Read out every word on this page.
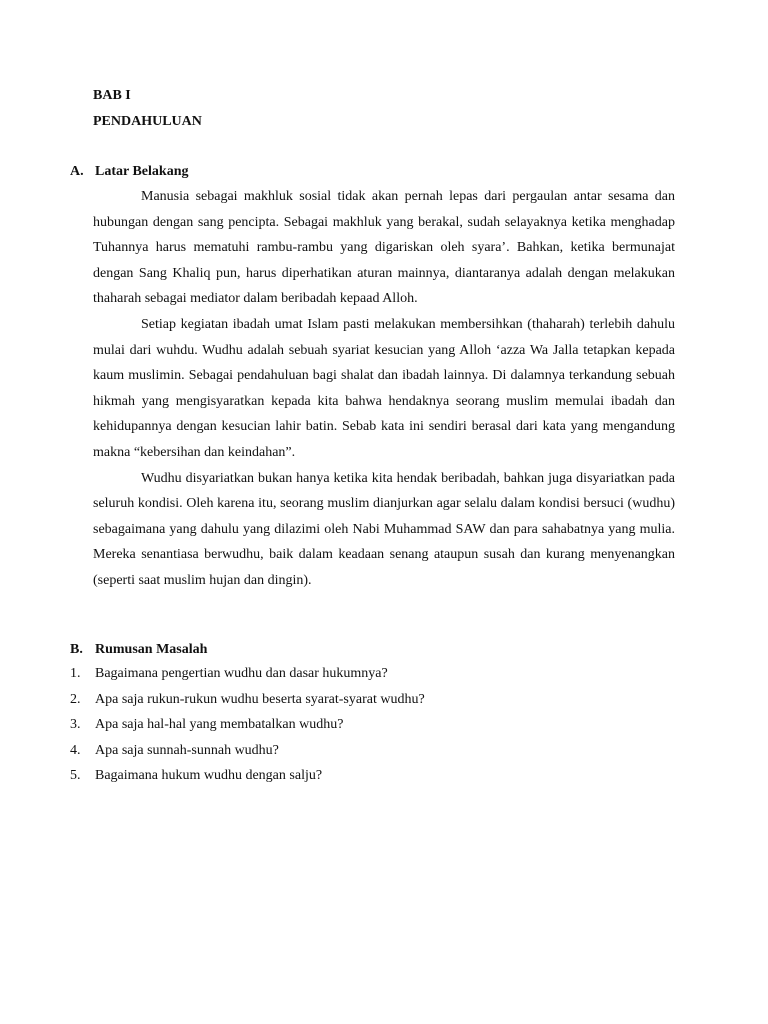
BAB I
PENDAHULUAN
A. Latar Belakang

Manusia sebagai makhluk sosial tidak akan pernah lepas dari pergaulan antar sesama dan hubungan dengan sang pencipta. Sebagai makhluk yang berakal, sudah selayaknya ketika menghadap Tuhannya harus mematuhi rambu-rambu yang digariskan oleh syara’. Bahkan, ketika bermunajat dengan Sang Khaliq pun, harus diperhatikan aturan mainnya, diantaranya adalah dengan melakukan thaharah sebagai mediator dalam beribadah kepaad Alloh.

Setiap kegiatan ibadah umat Islam pasti melakukan membersihkan (thaharah) terlebih dahulu mulai dari wuhdu. Wudhu adalah sebuah syariat kesucian yang Alloh ‘azza Wa Jalla tetapkan kepada kaum muslimin. Sebagai pendahuluan bagi shalat dan ibadah lainnya. Di dalamnya terkandung sebuah hikmah yang mengisyaratkan kepada kita bahwa hendaknya seorang muslim memulai ibadah dan kehidupannya dengan kesucian lahir batin. Sebab kata ini sendiri berasal dari kata yang mengandung makna “kebersihan dan keindahan”.

Wudhu disyariatkan bukan hanya ketika kita hendak beribadah, bahkan juga disyariatkan pada seluruh kondisi. Oleh karena itu, seorang muslim dianjurkan agar selalu dalam kondisi bersuci (wudhu) sebagaimana yang dahulu yang dilazimi oleh Nabi Muhammad SAW dan para sahabatnya yang mulia. Mereka senantiasa berwudhu, baik dalam keadaan senang ataupun susah dan kurang menyenangkan (seperti saat muslim hujan dan dingin).

B. Rumusan Masalah
1. Bagaimana pengertian wudhu dan dasar hukumnya?
2. Apa saja rukun-rukun wudhu beserta syarat-syarat wudhu?
3. Apa saja hal-hal yang membatalkan wudhu?
4. Apa saja sunnah-sunnah wudhu?
5. Bagaimana hukum wudhu dengan salju?
